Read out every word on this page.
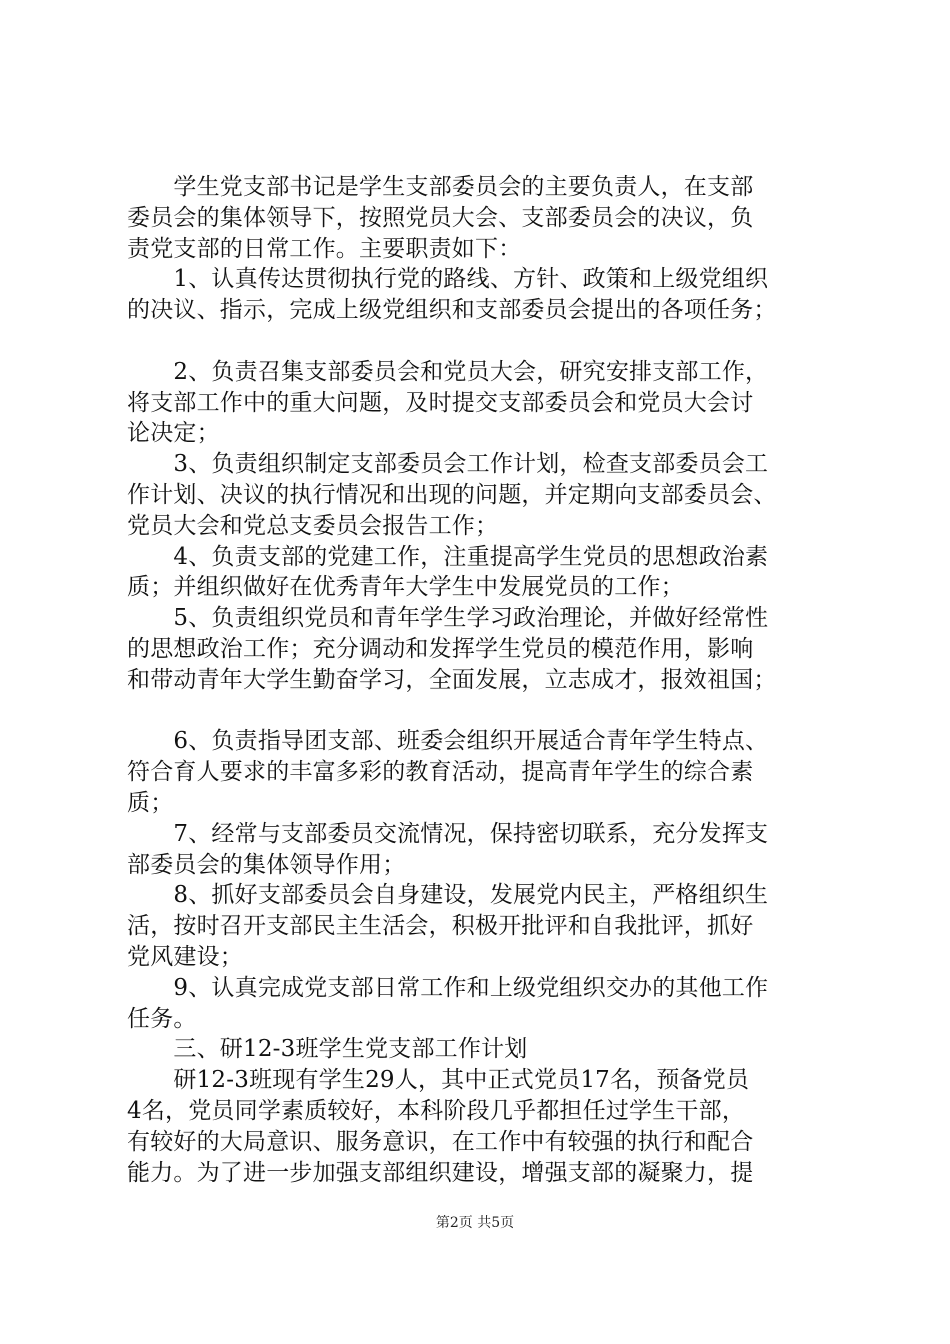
　　学生党支部书记是学生支部委员会的主要负责人，在支部
委员会的集体领导下，按照党员大会、支部委员会的决议，负
责党支部的日常工作。主要职责如下：
　　1、认真传达贯彻执行党的路线、方针、政策和上级党组织
的决议、指示，完成上级党组织和支部委员会提出的各项任务；
　　2、负责召集支部委员会和党员大会，研究安排支部工作，
将支部工作中的重大问题，及时提交支部委员会和党员大会讨
论决定；
　　3、负责组织制定支部委员会工作计划，检查支部委员会工
作计划、决议的执行情况和出现的问题，并定期向支部委员会、
党员大会和党总支委员会报告工作；
　　4、负责支部的党建工作，注重提高学生党员的思想政治素
质；并组织做好在优秀青年大学生中发展党员的工作；
　　5、负责组织党员和青年学生学习政治理论，并做好经常性
的思想政治工作；充分调动和发挥学生党员的模范作用，影响
和带动青年大学生勤奋学习，全面发展，立志成才，报效祖国；
　　6、负责指导团支部、班委会组织开展适合青年学生特点、
符合育人要求的丰富多彩的教育活动，提高青年学生的综合素
质；
　　7、经常与支部委员交流情况，保持密切联系，充分发挥支
部委员会的集体领导作用；
　　8、抓好支部委员会自身建设，发展党内民主，严格组织生
活，按时召开支部民主生活会，积极开批评和自我批评，抓好
党风建设；
　　9、认真完成党支部日常工作和上级党组织交办的其他工作
任务。
　　三、研12-3班学生党支部工作计划
　　研12-3班现有学生29人，其中正式党员17名，预备党员
4名，党员同学素质较好，本科阶段几乎都担任过学生干部，
有较好的大局意识、服务意识，在工作中有较强的执行和配合
能力。为了进一步加强支部组织建设，增强支部的凝聚力，提
第2页 共5页
